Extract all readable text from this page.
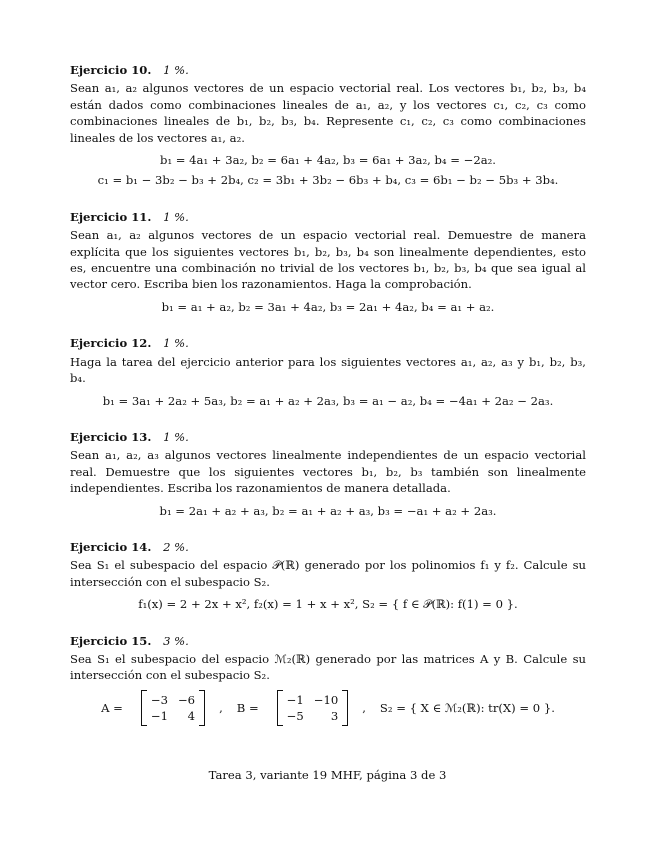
Ejercicio 10. 1 %.
Sean a₁, a₂ algunos vectores de un espacio vectorial real. Los vectores b₁, b₂, b₃, b₄ están dados como combinaciones lineales de a₁, a₂, y los vectores c₁, c₂, c₃ como combinaciones lineales de b₁, b₂, b₃, b₄. Represente c₁, c₂, c₃ como combinaciones lineales de los vectores a₁, a₂.
b₁ = 4a₁ + 3a₂, b₂ = 6a₁ + 4a₂, b₃ = 6a₁ + 3a₂, b₄ = −2a₂.
c₁ = b₁ − 3b₂ − b₃ + 2b₄, c₂ = 3b₁ + 3b₂ − 6b₃ + b₄, c₃ = 6b₁ − b₂ − 5b₃ + 3b₄.
Ejercicio 11. 1 %.
Sean a₁, a₂ algunos vectores de un espacio vectorial real. Demuestre de manera explícita que los siguientes vectores b₁, b₂, b₃, b₄ son linealmente dependientes, esto es, encuentre una combinación no trivial de los vectores b₁, b₂, b₃, b₄ que sea igual al vector cero. Escriba bien los razonamientos. Haga la comprobación.
b₁ = a₁ + a₂, b₂ = 3a₁ + 4a₂, b₃ = 2a₁ + 4a₂, b₄ = a₁ + a₂.
Ejercicio 12. 1 %.
Haga la tarea del ejercicio anterior para los siguientes vectores a₁, a₂, a₃ y b₁, b₂, b₃, b₄.
b₁ = 3a₁ + 2a₂ + 5a₃, b₂ = a₁ + a₂ + 2a₃, b₃ = a₁ − a₂, b₄ = −4a₁ + 2a₂ − 2a₃.
Ejercicio 13. 1 %.
Sean a₁, a₂, a₃ algunos vectores linealmente independientes de un espacio vectorial real. Demuestre que los siguientes vectores b₁, b₂, b₃ también son linealmente independientes. Escriba los razonamientos de manera detallada.
b₁ = 2a₁ + a₂ + a₃, b₂ = a₁ + a₂ + a₃, b₃ = −a₁ + a₂ + 2a₃.
Ejercicio 14. 2 %.
Sea S₁ el subespacio del espacio 𝒫(ℝ) generado por los polinomios f₁ y f₂. Calcule su intersección con el subespacio S₂.
f₁(x) = 2 + 2x + x², f₂(x) = 1 + x + x², S₂ = { f ∈ 𝒫(ℝ): f(1) = 0 }.
Ejercicio 15. 3 %.
Sea S₁ el subespacio del espacio ℳ₂(ℝ) generado por las matrices A y B. Calcule su intersección con el subespacio S₂.
A =
−3 −6
−1	4
, B =
−1 −10
−5	3
, S₂ = { X ∈ ℳ₂(ℝ): tr(X) = 0 }.
Tarea 3, variante 19 MHF, página 3 de 3
